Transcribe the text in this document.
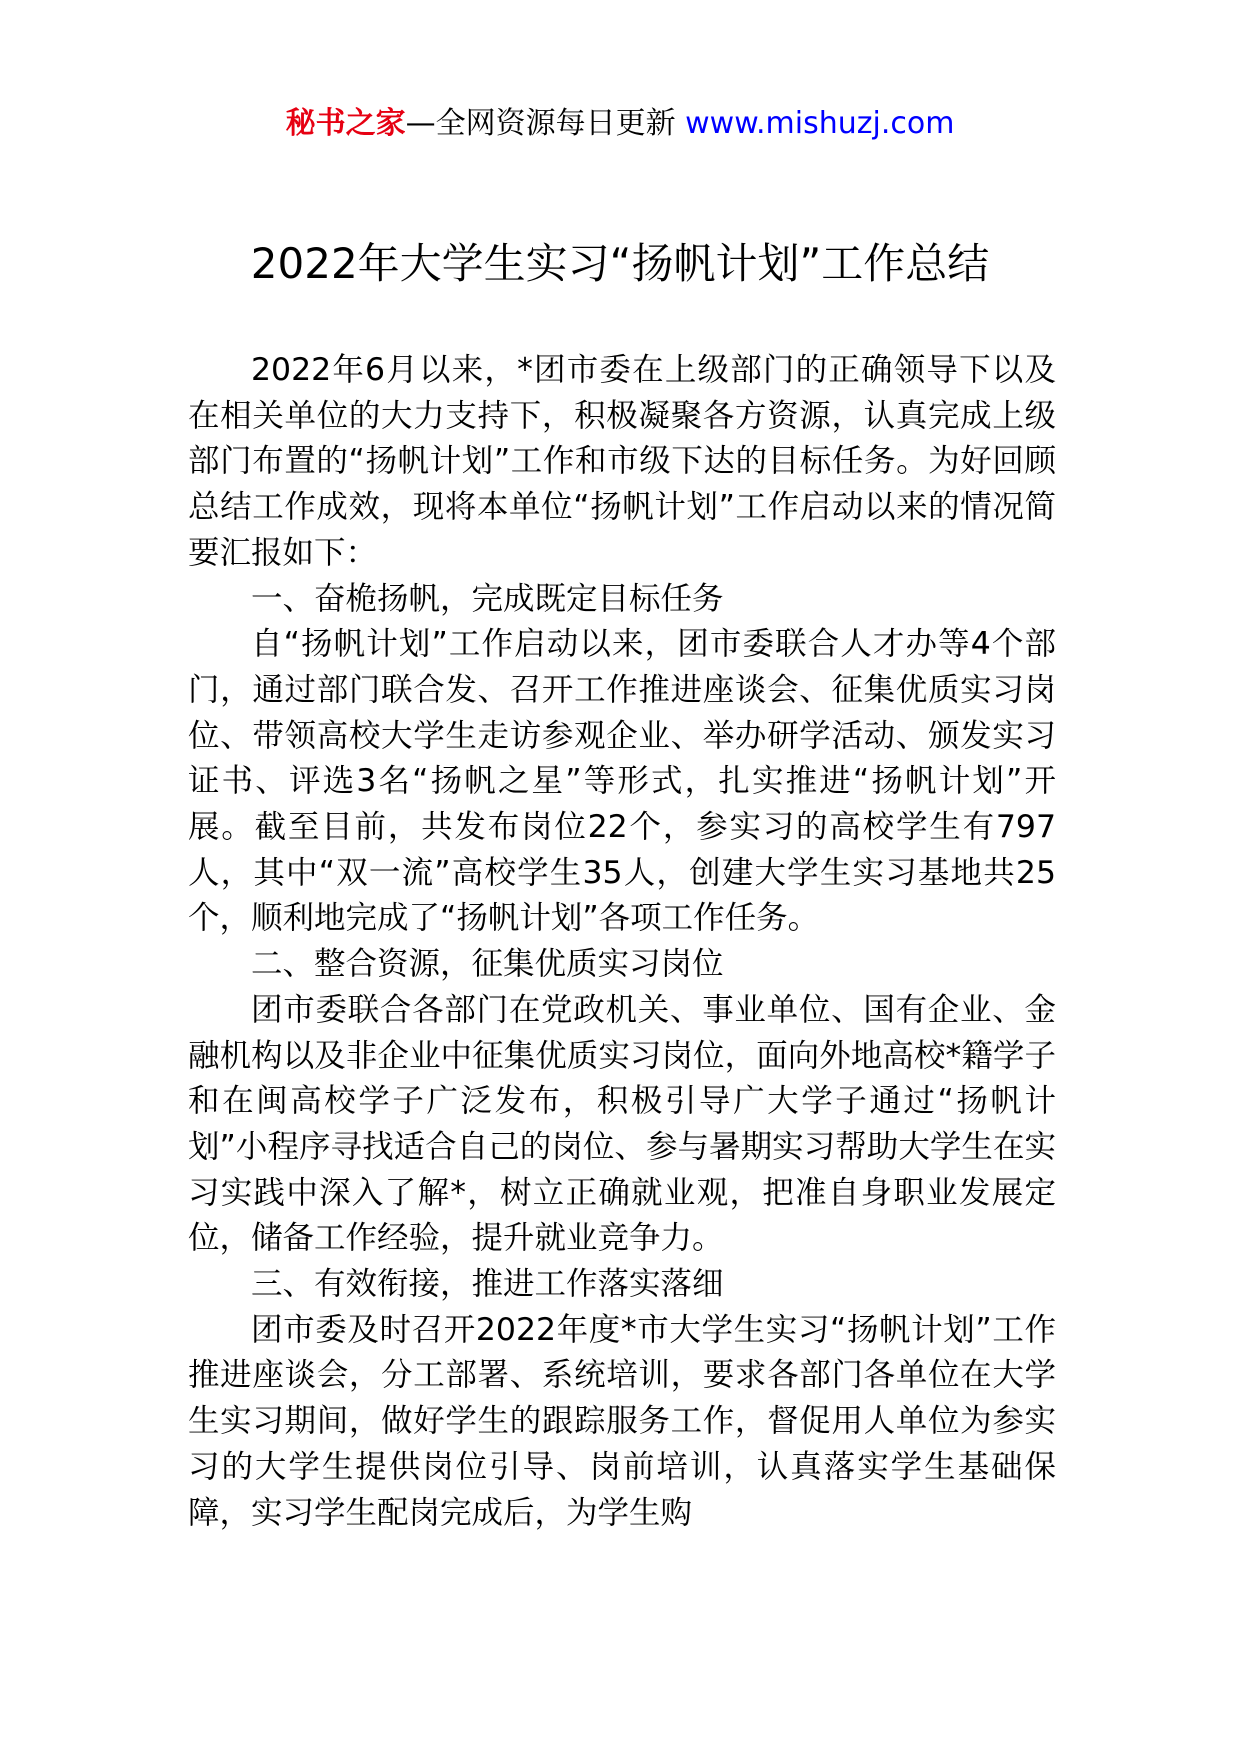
秘书之家—全网资源每日更新 www.mishuzj.com
2022年大学生实习“扬帆计划”工作总结

2022年6月以来，*团市委在上级部门的正确领导下以及在相关单位的大力支持下，积极凝聚各方资源，认真完成上级部门布置的“扬帆计划”工作和市级下达的目标任务。为好回顾总结工作成效，现将本单位“扬帆计划”工作启动以来的情况简要汇报如下：

一、奋桅扬帆，完成既定目标任务

自“扬帆计划”工作启动以来，团市委联合人才办等4个部门，通过部门联合发、召开工作推进座谈会、征集优质实习岗位、带领高校大学生走访参观企业、举办研学活动、颁发实习证书、评选3名“扬帆之星”等形式，扎实推进“扬帆计划”开展。截至目前，共发布岗位22个，参实习的高校学生有797人，其中“双一流”高校学生35人，创建大学生实习基地共25个，顺利地完成了“扬帆计划”各项工作任务。

二、整合资源，征集优质实习岗位

团市委联合各部门在党政机关、事业单位、国有企业、金融机构以及非企业中征集优质实习岗位，面向外地高校*籍学子和在闽高校学子广泛发布，积极引导广大学子通过“扬帆计划”小程序寻找适合自己的岗位、参与暑期实习帮助大学生在实习实践中深入了解*，树立正确就业观，把准自身职业发展定位，储备工作经验，提升就业竞争力。

三、有效衔接，推进工作落实落细

团市委及时召开2022年度*市大学生实习“扬帆计划”工作推进座谈会，分工部署、系统培训，要求各部门各单位在大学生实习期间，做好学生的跟踪服务工作，督促用人单位为参实习的大学生提供岗位引导、岗前培训，认真落实学生基础保障，实习学生配岗完成后，为学生购
